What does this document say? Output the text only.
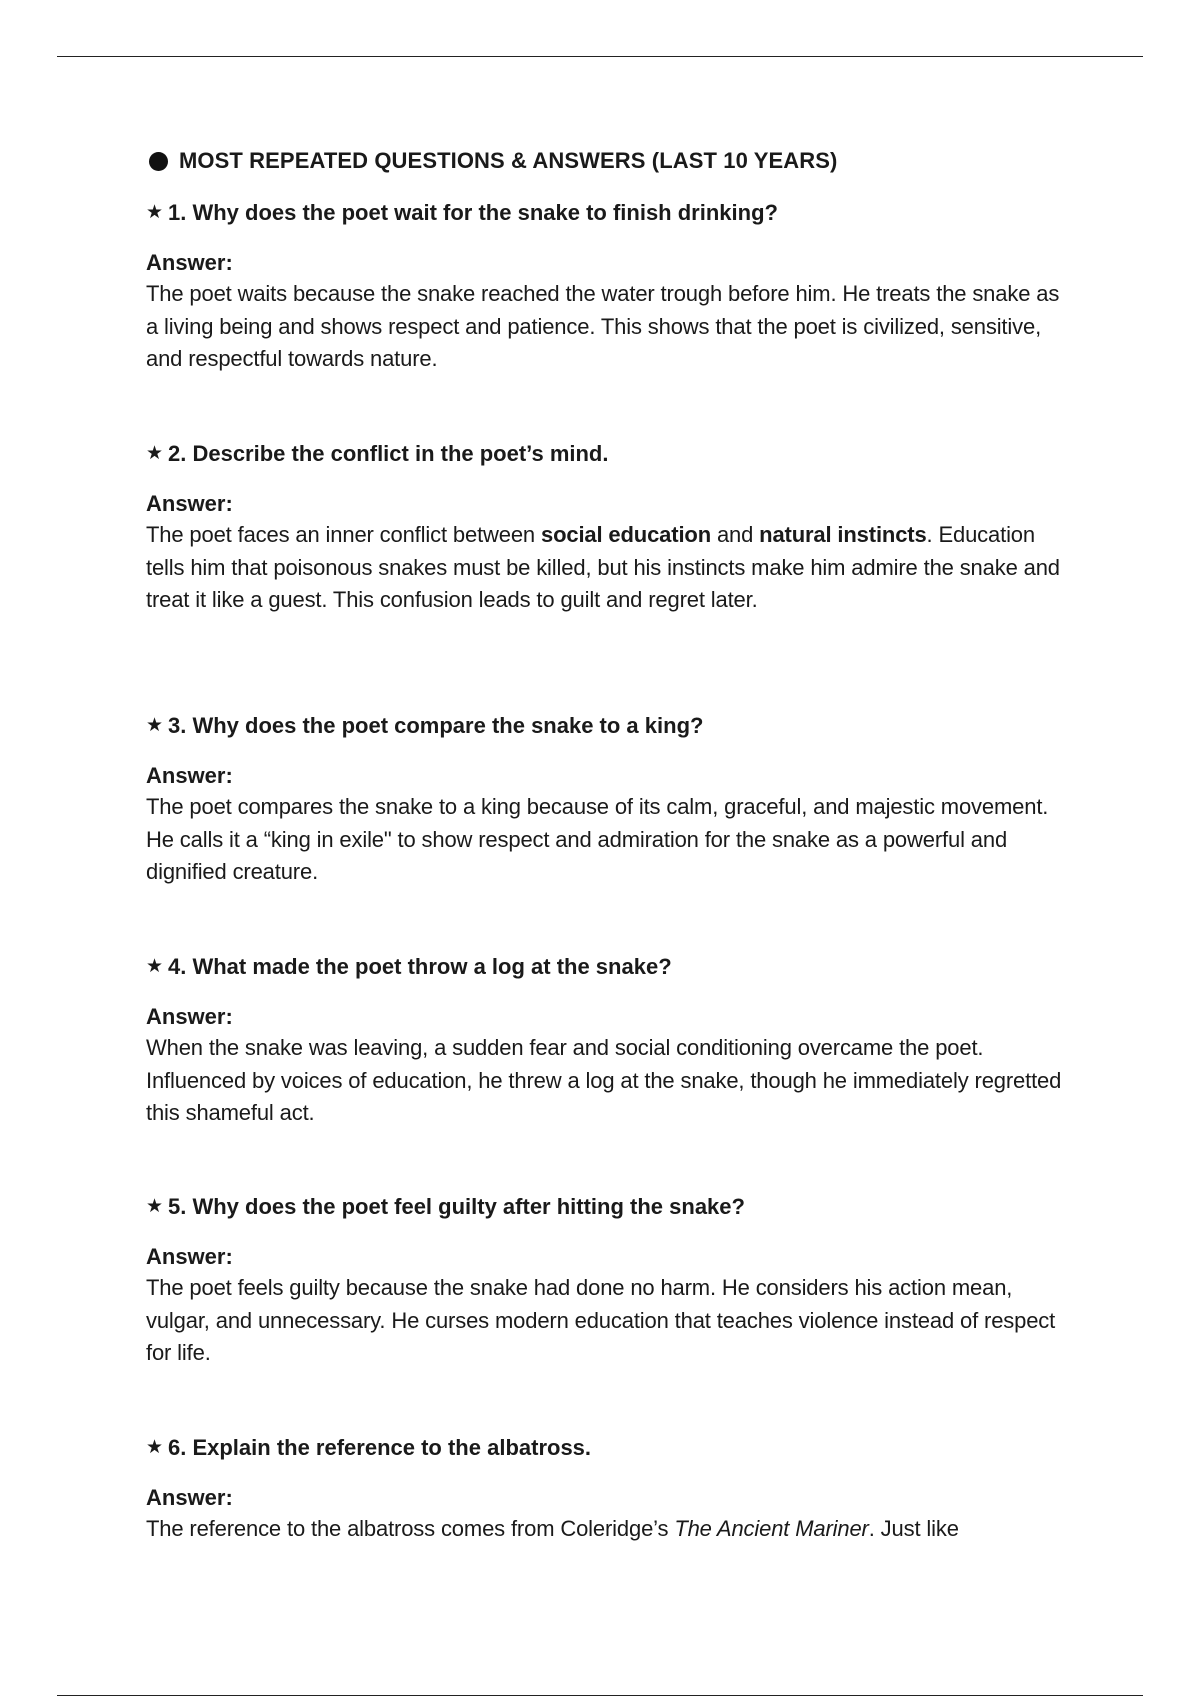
MOST REPEATED QUESTIONS & ANSWERS (LAST 10 YEARS)
★ 1. Why does the poet wait for the snake to finish drinking?

Answer:

The poet waits because the snake reached the water trough before him. He treats the snake as a living being and shows respect and patience. This shows that the poet is civilized, sensitive, and respectful towards nature.

★ 2. Describe the conflict in the poet’s mind.

Answer:

The poet faces an inner conflict between social education and natural instincts. Education tells him that poisonous snakes must be killed, but his instincts make him admire the snake and treat it like a guest. This confusion leads to guilt and regret later.

★ 3. Why does the poet compare the snake to a king?

Answer:

The poet compares the snake to a king because of its calm, graceful, and majestic movement. He calls it a “king in exile" to show respect and admiration for the snake as a powerful and dignified creature.

★ 4. What made the poet throw a log at the snake?

Answer:

When the snake was leaving, a sudden fear and social conditioning overcame the poet. Influenced by voices of education, he threw a log at the snake, though he immediately regretted this shameful act.

★ 5. Why does the poet feel guilty after hitting the snake?

Answer:

The poet feels guilty because the snake had done no harm. He considers his action mean, vulgar, and unnecessary. He curses modern education that teaches violence instead of respect for life.

★ 6. Explain the reference to the albatross.

Answer:

The reference to the albatross comes from Coleridge’s The Ancient Mariner. Just like
